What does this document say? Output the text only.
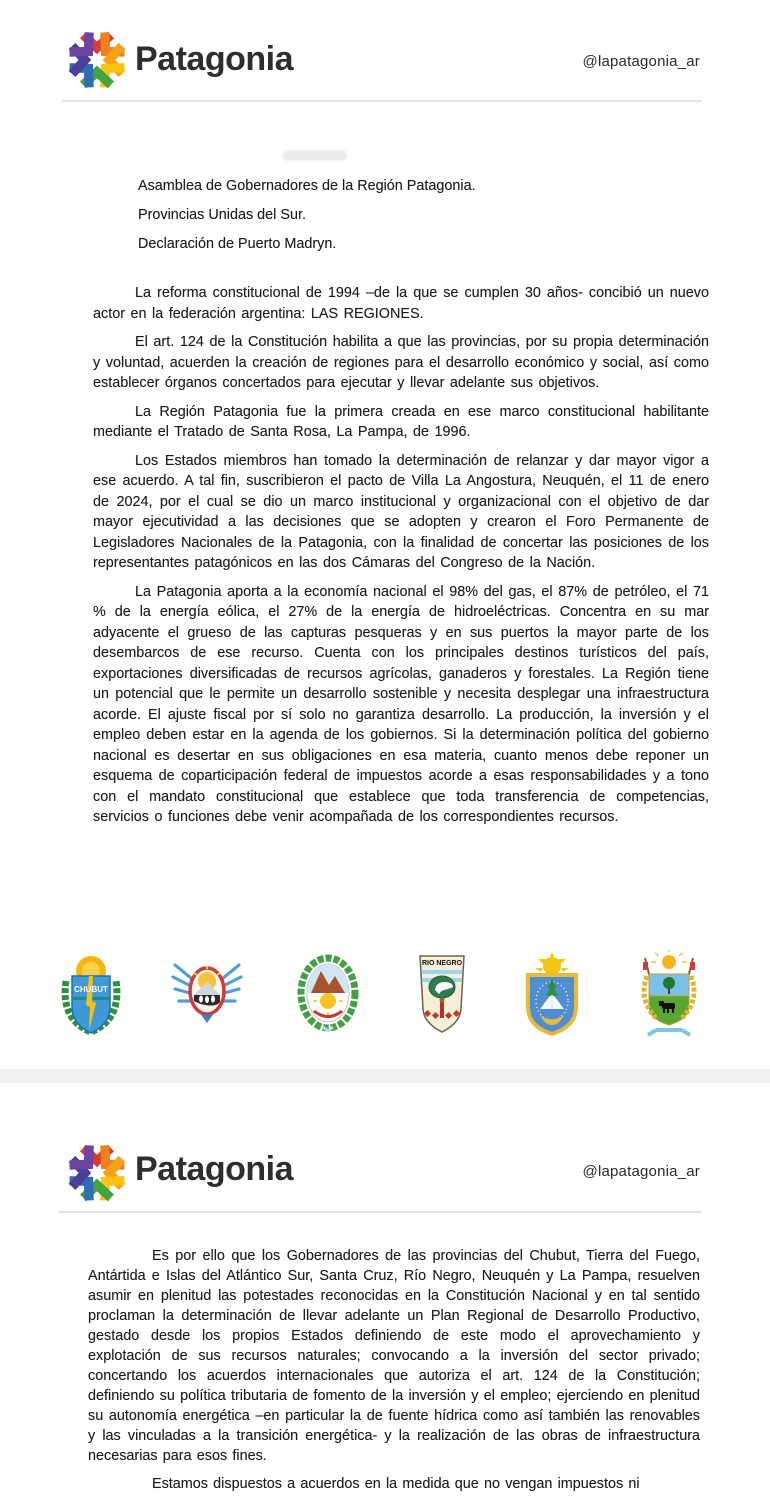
Patagonia	@lapatagonia_ar
Asamblea de Gobernadores de la Región Patagonia.
Provincias Unidas del Sur.
Declaración de Puerto Madryn.

La reforma constitucional de 1994 –de la que se cumplen 30 años- concibió un nuevo actor en la federación argentina: LAS REGIONES.

El art. 124 de la Constitución habilita a que las provincias, por su propia determinación y voluntad, acuerden la creación de regiones para el desarrollo económico y social, así como establecer órganos concertados para ejecutar y llevar adelante sus objetivos.

La Región Patagonia fue la primera creada en ese marco constitucional habilitante mediante el Tratado de Santa Rosa, La Pampa, de 1996.

Los Estados miembros han tomado la determinación de relanzar y dar mayor vigor a ese acuerdo. A tal fin, suscribieron el pacto de Villa La Angostura, Neuquén, el 11 de enero de 2024, por el cual se dio un marco institucional y organizacional con el objetivo de dar mayor ejecutividad a las decisiones que se adopten y crearon el Foro Permanente de Legisladores Nacionales de la Patagonia, con la finalidad de concertar las posiciones de los representantes patagónicos en las dos Cámaras del Congreso de la Nación.

La Patagonia aporta a la economía nacional el 98% del gas, el 87% de petróleo, el 71 % de la energía eólica, el 27% de la energía de hidroeléctricas. Concentra en su mar adyacente el grueso de las capturas pesqueras y en sus puertos la mayor parte de los desembarcos de ese recurso. Cuenta con los principales destinos turísticos del país, exportaciones diversificadas de recursos agrícolas, ganaderos y forestales. La Región tiene un potencial que le permite un desarrollo sostenible y necesita desplegar una infraestructura acorde. El ajuste fiscal por sí solo no garantiza desarrollo. La producción, la inversión y el empleo deben estar en la agenda de los gobiernos. Si la determinación política del gobierno nacional es desertar en sus obligaciones en esa materia, cuanto menos debe reponer un esquema de coparticipación federal de impuestos acorde a esas responsabilidades y a tono con el mandato constitucional que establece que toda transferencia de competencias, servicios o funciones debe venir acompañada de los correspondientes recursos.

CHUBUT
RIO NEGRO
Patagonia	@lapatagonia_ar

Es por ello que los Gobernadores de las provincias del Chubut, Tierra del Fuego, Antártida e Islas del Atlántico Sur, Santa Cruz, Río Negro, Neuquén y La Pampa, resuelven asumir en plenitud las potestades reconocidas en la Constitución Nacional y en tal sentido proclaman la determinación de llevar adelante un Plan Regional de Desarrollo Productivo, gestado desde los propios Estados definiendo de este modo el aprovechamiento y explotación de sus recursos naturales; convocando a la inversión del sector privado; concertando los acuerdos internacionales que autoriza el art. 124 de la Constitución; definiendo su política tributaria de fomento de la inversión y el empleo; ejerciendo en plenitud su autonomía energética –en particular la de fuente hídrica como así también las renovables y las vinculadas a la transición energética- y la realización de las obras de infraestructura necesarias para esos fines.

Estamos dispuestos a acuerdos en la medida que no vengan impuestos ni
